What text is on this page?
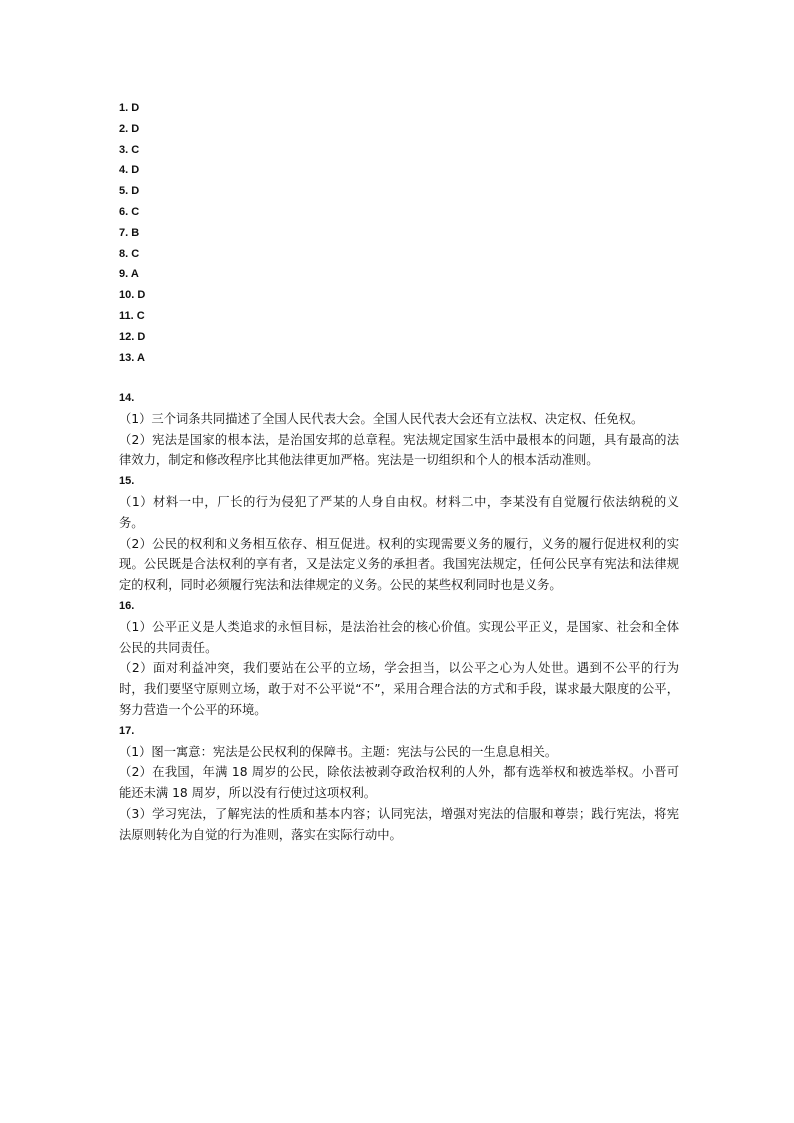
1. D
2. D
3. C
4. D
5. D
6. C
7. B
8. C
9. A
10. D
11. C
12. D
13. A
14.

（1）三个词条共同描述了全国人民代表大会。全国人民代表大会还有立法权、决定权、任免权。

（2）宪法是国家的根本法，是治国安邦的总章程。宪法规定国家生活中最根本的问题，具有最高的法律效力，制定和修改程序比其他法律更加严格。宪法是一切组织和个人的根本活动准则。

15.

（1）材料一中，厂长的行为侵犯了严某的人身自由权。材料二中，李某没有自觉履行依法纳税的义务。

（2）公民的权利和义务相互依存、相互促进。权利的实现需要义务的履行，义务的履行促进权利的实现。公民既是合法权利的享有者，又是法定义务的承担者。我国宪法规定，任何公民享有宪法和法律规定的权利，同时必须履行宪法和法律规定的义务。公民的某些权利同时也是义务。

16.

（1）公平正义是人类追求的永恒目标，是法治社会的核心价值。实现公平正义，是国家、社会和全体公民的共同责任。

（2）面对利益冲突，我们要站在公平的立场，学会担当，以公平之心为人处世。遇到不公平的行为时，我们要坚守原则立场，敢于对不公平说“不”，采用合理合法的方式和手段，谋求最大限度的公平，努力营造一个公平的环境。

17.

（1）图一寓意：宪法是公民权利的保障书。主题：宪法与公民的一生息息相关。

（2）在我国，年满 18 周岁的公民，除依法被剥夺政治权利的人外，都有选举权和被选举权。小晋可能还未满 18 周岁，所以没有行使过这项权利。

（3）学习宪法，了解宪法的性质和基本内容；认同宪法，增强对宪法的信服和尊崇；践行宪法，将宪法原则转化为自觉的行为准则，落实在实际行动中。
